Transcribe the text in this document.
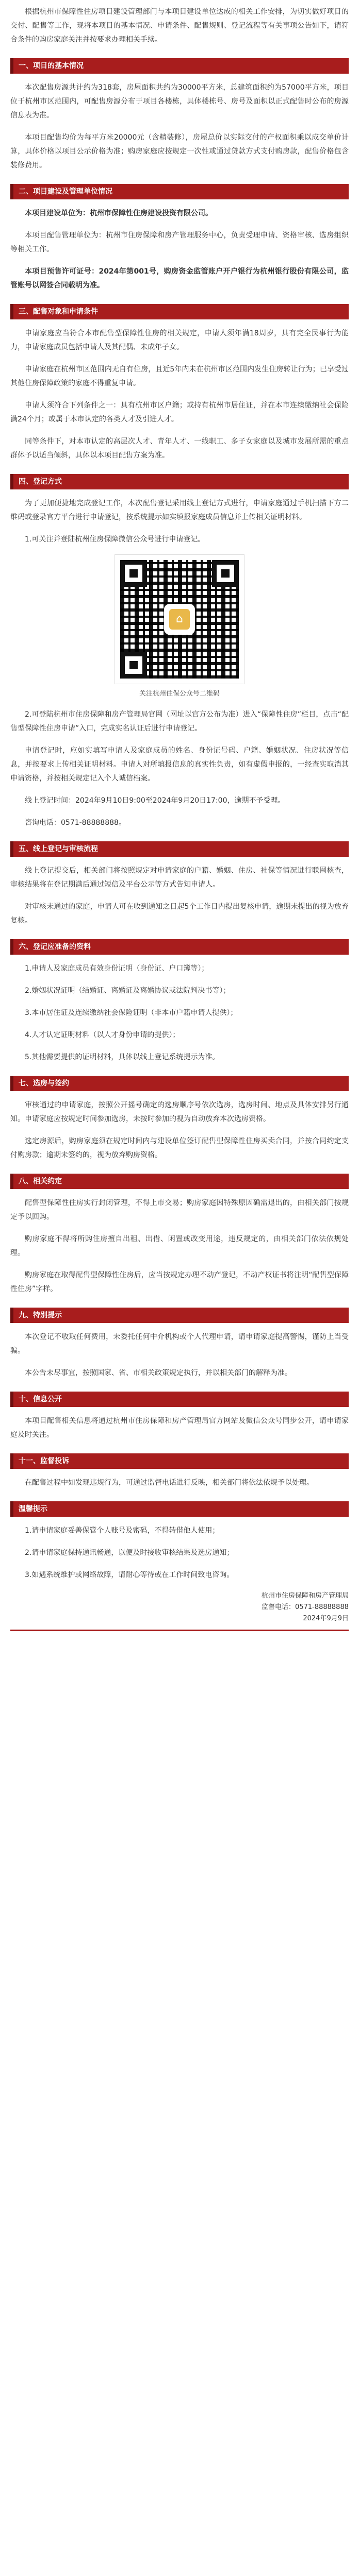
根据杭州市保障性住房项目建设管理部门与本项目建设单位达成的相关工作安排，为切实做好项目的交付、配售等工作，现将本项目的基本情况、申请条件、配售规则、登记流程等有关事项公告如下，请符合条件的购房家庭关注并按要求办理相关手续。

一、项目的基本情况

本次配售房源共计约为318套，房屋面积共约为30000平方米，总建筑面积约为57000平方米，项目位于杭州市区范围内，可配售房源分布于项目各楼栋，具体楼栋号、房号及面积以正式配售时公布的房源信息表为准。

本项目配售均价为每平方米20000元（含精装修），房屋总价以实际交付的产权面积乘以成交单价计算，具体价格以项目公示价格为准；购房家庭应按规定一次性或通过贷款方式支付购房款，配售价格包含装修费用。

二、项目建设及管理单位情况

本项目建设单位为：杭州市保障性住房建设投资有限公司。

本项目配售管理单位为：杭州市住房保障和房产管理服务中心，负责受理申请、资格审核、选房组织等相关工作。

本项目预售许可证号：2024年第001号，购房资金监管账户开户银行为杭州银行股份有限公司，监管账号以网签合同载明为准。

三、配售对象和申请条件

申请家庭应当符合本市配售型保障性住房的相关规定，申请人须年满18周岁，具有完全民事行为能力，申请家庭成员包括申请人及其配偶、未成年子女。

申请家庭在杭州市区范围内无自有住房，且近5年内未在杭州市区范围内发生住房转让行为；已享受过其他住房保障政策的家庭不得重复申请。

申请人须符合下列条件之一：具有杭州市区户籍；或持有杭州市居住证，并在本市连续缴纳社会保险满24个月；或属于本市认定的各类人才及引进人才。

同等条件下，对本市认定的高层次人才、青年人才、一线职工、多子女家庭以及城市发展所需的重点群体予以适当倾斜，具体以本项目配售方案为准。

四、登记方式

为了更加便捷地完成登记工作，本次配售登记采用线上登记方式进行，申请家庭通过手机扫描下方二维码或登录官方平台进行申请登记，按系统提示如实填报家庭成员信息并上传相关证明材料。

1.可关注并登陆杭州住房保障微信公众号进行申请登记。

⌂
关注杭州住保公众号二维码

2.可登陆杭州市住房保障和房产管理局官网（网址以官方公布为准）进入“保障性住房”栏目，点击“配售型保障性住房申请”入口，完成实名认证后进行申请登记。

申请登记时，应如实填写申请人及家庭成员的姓名、身份证号码、户籍、婚姻状况、住房状况等信息，并按要求上传相关证明材料。申请人对所填报信息的真实性负责，如有虚假申报的，一经查实取消其申请资格，并按相关规定记入个人诚信档案。

线上登记时间：2024年9月10日9:00至2024年9月20日17:00，逾期不予受理。

咨询电话：0571-88888888。

五、线上登记与审核流程

线上登记提交后，相关部门将按照规定对申请家庭的户籍、婚姻、住房、社保等情况进行联网核查，审核结果将在登记期满后通过短信及平台公示等方式告知申请人。

对审核未通过的家庭，申请人可在收到通知之日起5个工作日内提出复核申请，逾期未提出的视为放弃复核。

六、登记应准备的资料

1.申请人及家庭成员有效身份证明（身份证、户口簿等）；

2.婚姻状况证明（结婚证、离婚证及离婚协议或法院判决书等）；

3.本市居住证及连续缴纳社会保险证明（非本市户籍申请人提供）；

4.人才认定证明材料（以人才身份申请的提供）；

5.其他需要提供的证明材料，具体以线上登记系统提示为准。

七、选房与签约

审核通过的申请家庭，按照公开摇号确定的选房顺序号依次选房，选房时间、地点及具体安排另行通知。申请家庭应按规定时间参加选房，未按时参加的视为自动放弃本次选房资格。

选定房源后，购房家庭须在规定时间内与建设单位签订配售型保障性住房买卖合同，并按合同约定支付购房款；逾期未签约的，视为放弃购房资格。

八、相关约定

配售型保障性住房实行封闭管理，不得上市交易；购房家庭因特殊原因确需退出的，由相关部门按规定予以回购。

购房家庭不得将所购住房擅自出租、出借、闲置或改变用途，违反规定的，由相关部门依法依规处理。

购房家庭在取得配售型保障性住房后，应当按规定办理不动产登记，不动产权证书将注明“配售型保障性住房”字样。

九、特别提示

本次登记不收取任何费用，未委托任何中介机构或个人代理申请，请申请家庭提高警惕，谨防上当受骗。

本公告未尽事宜，按照国家、省、市相关政策规定执行，并以相关部门的解释为准。

十、信息公开

本项目配售相关信息将通过杭州市住房保障和房产管理局官方网站及微信公众号同步公开，请申请家庭及时关注。

十一、监督投诉

在配售过程中如发现违规行为，可通过监督电话进行反映，相关部门将依法依规予以处理。

温馨提示

1.请申请家庭妥善保管个人账号及密码，不得转借他人使用；

2.请申请家庭保持通讯畅通，以便及时接收审核结果及选房通知；

3.如遇系统维护或网络故障，请耐心等待或在工作时间致电咨询。

杭州市住房保障和房产管理局
监督电话：0571-88888888
2024年9月9日
